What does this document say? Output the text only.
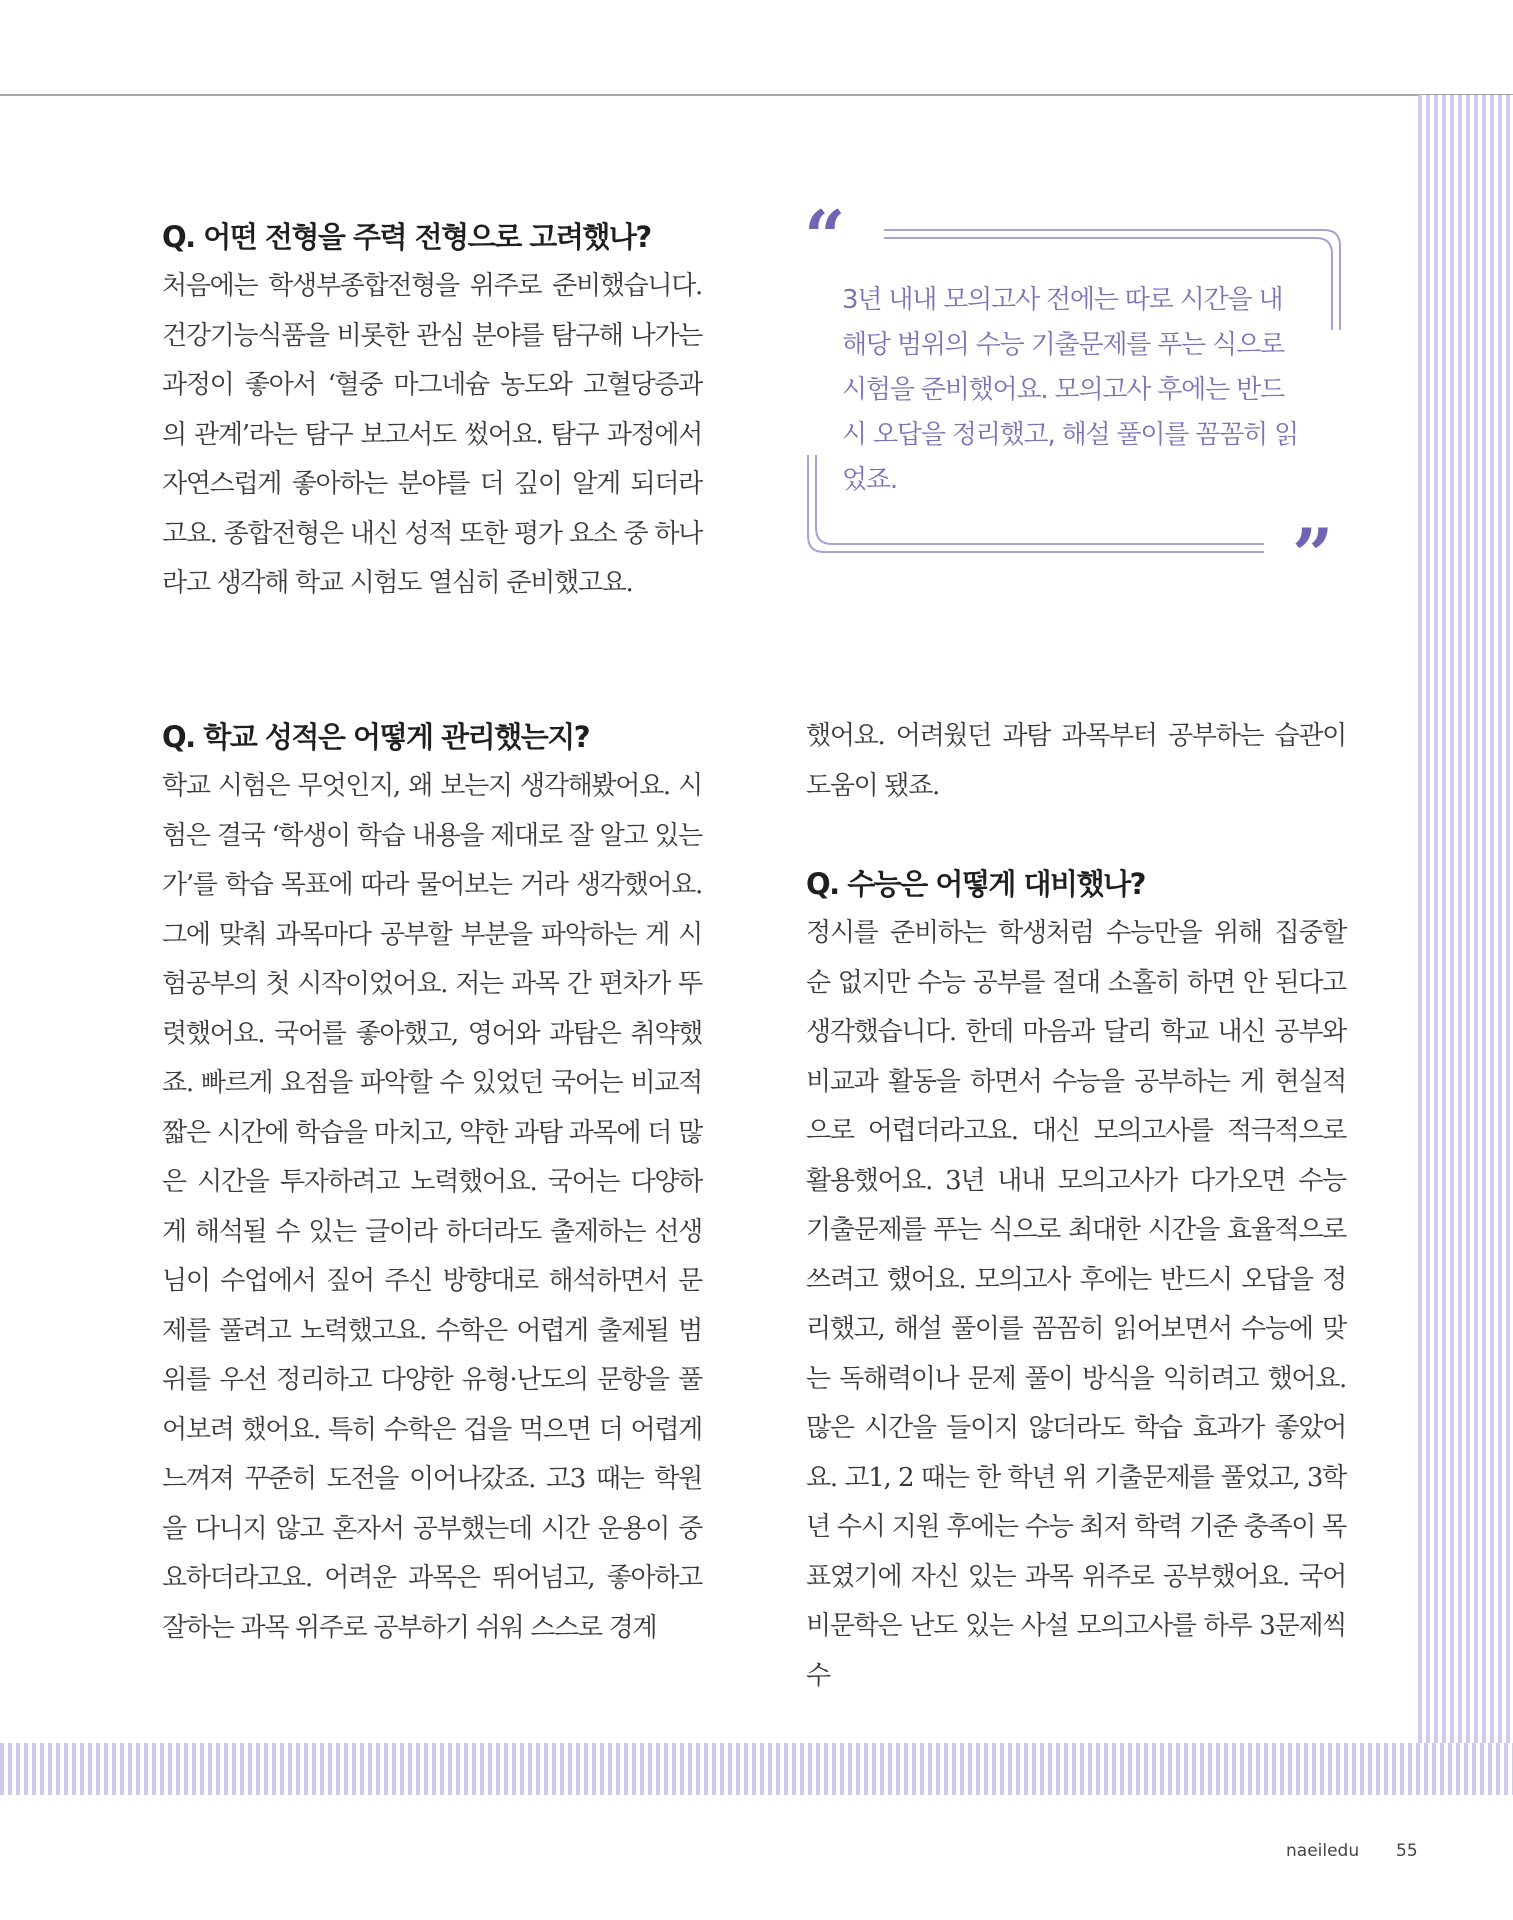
Q. 어떤 전형을 주력 전형으로 고려했나?

처음에는 학생부종합전형을 위주로 준비했습니다. 건강기능식품을 비롯한 관심 분야를 탐구해 나가는 과정이 좋아서 ‘혈중 마그네슘 농도와 고혈당증과의 관계’라는 탐구 보고서도 썼어요. 탐구 과정에서 자연스럽게 좋아하는 분야를 더 깊이 알게 되더라고요. 종합전형은 내신 성적 또한 평가 요소 중 하나라고 생각해 학교 시험도 열심히 준비했고요.

“

3년 내내 모의고사 전에는 따로 시간을 내 해당 범위의 수능 기출문제를 푸는 식으로 시험을 준비했어요. 모의고사 후에는 반드시 오답을 정리했고, 해설 풀이를 꼼꼼히 읽었죠.

”
Q. 학교 성적은 어떻게 관리했는지?

학교 시험은 무엇인지, 왜 보는지 생각해봤어요. 시험은 결국 ‘학생이 학습 내용을 제대로 잘 알고 있는가’를 학습 목표에 따라 물어보는 거라 생각했어요. 그에 맞춰 과목마다 공부할 부분을 파악하는 게 시험공부의 첫 시작이었어요. 저는 과목 간 편차가 뚜렷했어요. 국어를 좋아했고, 영어와 과탐은 취약했죠. 빠르게 요점을 파악할 수 있었던 국어는 비교적 짧은 시간에 학습을 마치고, 약한 과탐 과목에 더 많은 시간을 투자하려고 노력했어요. 국어는 다양하게 해석될 수 있는 글이라 하더라도 출제하는 선생님이 수업에서 짚어 주신 방향대로 해석하면서 문제를 풀려고 노력했고요. 수학은 어렵게 출제될 범위를 우선 정리하고 다양한 유형·난도의 문항을 풀어보려 했어요. 특히 수학은 겁을 먹으면 더 어렵게 느껴져 꾸준히 도전을 이어나갔죠. 고3 때는 학원을 다니지 않고 혼자서 공부했는데 시간 운용이 중요하더라고요. 어려운 과목은 뛰어넘고, 좋아하고 잘하는 과목 위주로 공부하기 쉬워 스스로 경계

했어요. 어려웠던 과탐 과목부터 공부하는 습관이 도움이 됐죠.

Q. 수능은 어떻게 대비했나?

정시를 준비하는 학생처럼 수능만을 위해 집중할 순 없지만 수능 공부를 절대 소홀히 하면 안 된다고 생각했습니다. 한데 마음과 달리 학교 내신 공부와 비교과 활동을 하면서 수능을 공부하는 게 현실적으로 어렵더라고요. 대신 모의고사를 적극적으로 활용했어요. 3년 내내 모의고사가 다가오면 수능 기출문제를 푸는 식으로 최대한 시간을 효율적으로 쓰려고 했어요. 모의고사 후에는 반드시 오답을 정리했고, 해설 풀이를 꼼꼼히 읽어보면서 수능에 맞는 독해력이나 문제 풀이 방식을 익히려고 했어요. 많은 시간을 들이지 않더라도 학습 효과가 좋았어요. 고1, 2 때는 한 학년 위 기출문제를 풀었고, 3학년 수시 지원 후에는 수능 최저 학력 기준 충족이 목표였기에 자신 있는 과목 위주로 공부했어요. 국어 비문학은 난도 있는 사설 모의고사를 하루 3문제씩 수

naeiledu 55
